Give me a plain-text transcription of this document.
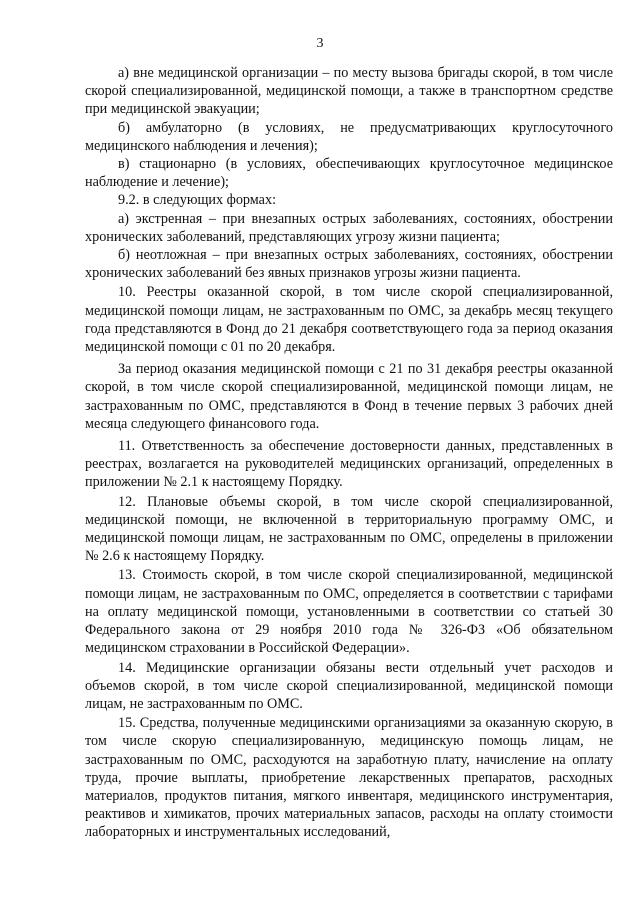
3

а) вне медицинской организации – по месту вызова бригады скорой, в том числе скорой специализированной, медицинской помощи, а также в транспортном средстве при медицинской эвакуации;

б) амбулаторно (в условиях, не предусматривающих круглосуточного медицинского наблюдения и лечения);

в) стационарно (в условиях, обеспечивающих круглосуточное медицинское наблюдение и лечение);

9.2. в следующих формах:

а) экстренная – при внезапных острых заболеваниях, состояниях, обострении хронических заболеваний, представляющих угрозу жизни пациента;

б) неотложная – при внезапных острых заболеваниях, состояниях, обострении хронических заболеваний без явных признаков угрозы жизни пациента.

10. Реестры оказанной скорой, в том числе скорой специализированной, медицинской помощи лицам, не застрахованным по ОМС, за декабрь месяц текущего года представляются в Фонд до 21 декабря соответствующего года за период оказания медицинской помощи с 01 по 20 декабря.

За период оказания медицинской помощи с 21 по 31 декабря реестры оказанной скорой, в том числе скорой специализированной, медицинской помощи лицам, не застрахованным по ОМС, представляются в Фонд в течение первых 3 рабочих дней месяца следующего финансового года.

11. Ответственность за обеспечение достоверности данных, представленных в реестрах, возлагается на руководителей медицинских организаций, определенных в приложении № 2.1 к настоящему Порядку.

12. Плановые объемы скорой, в том числе скорой специализированной, медицинской помощи, не включенной в территориальную программу ОМС, и медицинской помощи лицам, не застрахованным по ОМС, определены в приложении № 2.6 к настоящему Порядку.

13. Стоимость скорой, в том числе скорой специализированной, медицинской помощи лицам, не застрахованным по ОМС, определяется в соответствии с тарифами на оплату медицинской помощи, установленными в соответствии со статьей 30 Федерального закона от 29 ноября 2010 года № 326-ФЗ «Об обязательном медицинском страховании в Российской Федерации».

14. Медицинские организации обязаны вести отдельный учет расходов и объемов скорой, в том числе скорой специализированной, медицинской помощи лицам, не застрахованным по ОМС.

15. Средства, полученные медицинскими организациями за оказанную скорую, в том числе скорую специализированную, медицинскую помощь лицам, не застрахованным по ОМС, расходуются на заработную плату, начисление на оплату труда, прочие выплаты, приобретение лекарственных препаратов, расходных материалов, продуктов питания, мягкого инвентаря, медицинского инструментария, реактивов и химикатов, прочих материальных запасов, расходы на оплату стоимости лабораторных и инструментальных исследований,
